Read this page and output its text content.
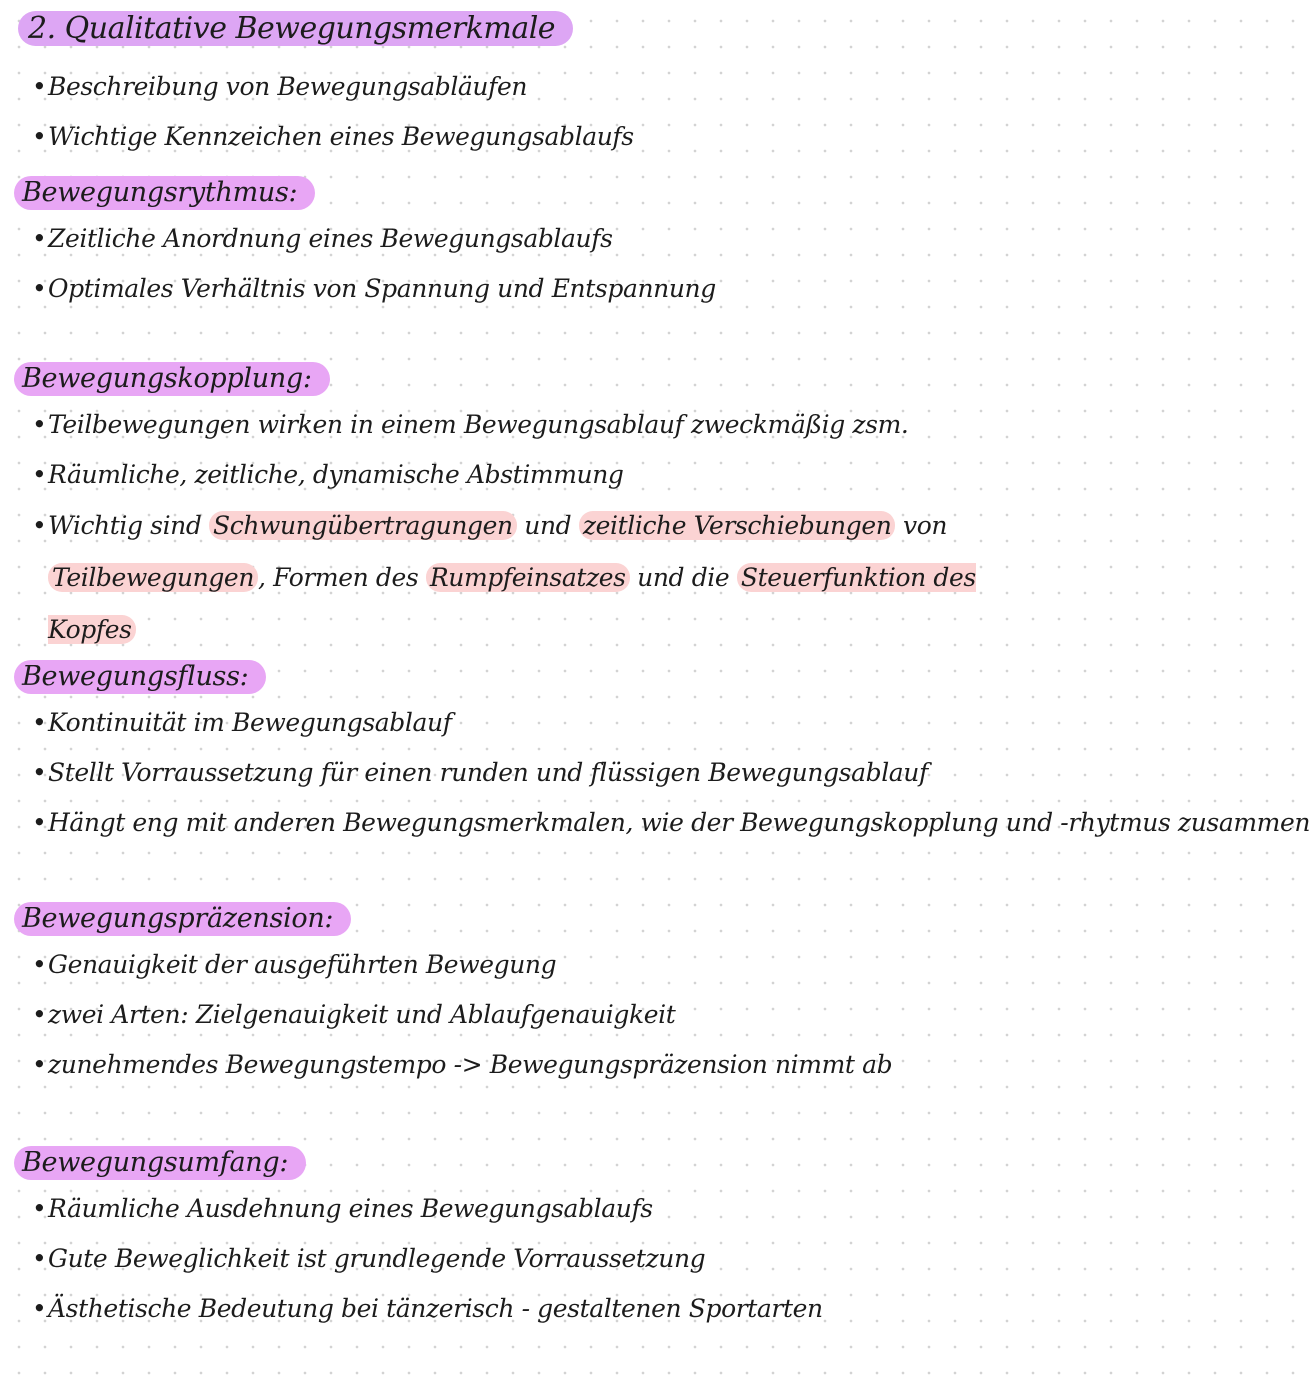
2. Qualitative Bewegungsmerkmale
• Beschreibung von Bewegungsabläufen
• Wichtige Kennzeichen eines Bewegungsablaufs
Bewegungsrythmus:
• Zeitliche Anordnung eines Bewegungsablaufs
• Optimales Verhältnis von Spannung und Entspannung
Bewegungskopplung:
• Teilbewegungen wirken in einem Bewegungsablauf zweckmäßig zsm.
• Räumliche, zeitliche, dynamische Abstimmung
• Wichtig sind Schwungübertragungen und zeitliche Verschiebungen von Teilbewegungen , Formen des Rumpfeinsatzes und die Steuerfunktion des Kopfes
Bewegungsfluss:
• Kontinuität im Bewegungsablauf
• Stellt Vorraussetzung für einen runden und flüssigen Bewegungsablauf
• Hängt eng mit anderen Bewegungsmerkmalen, wie der Bewegungskopplung und -rhytmus zusammen
Bewegungspräzension:
• Genauigkeit der ausgeführten Bewegung
• zwei Arten: Zielgenauigkeit und Ablaufgenauigkeit
• zunehmendes Bewegungstempo -> Bewegungspräzension nimmt ab
Bewegungsumfang:
• Räumliche Ausdehnung eines Bewegungsablaufs
• Gute Beweglichkeit ist grundlegende Vorraussetzung
• Ästhetische Bedeutung bei tänzerisch - gestaltenen Sportarten
